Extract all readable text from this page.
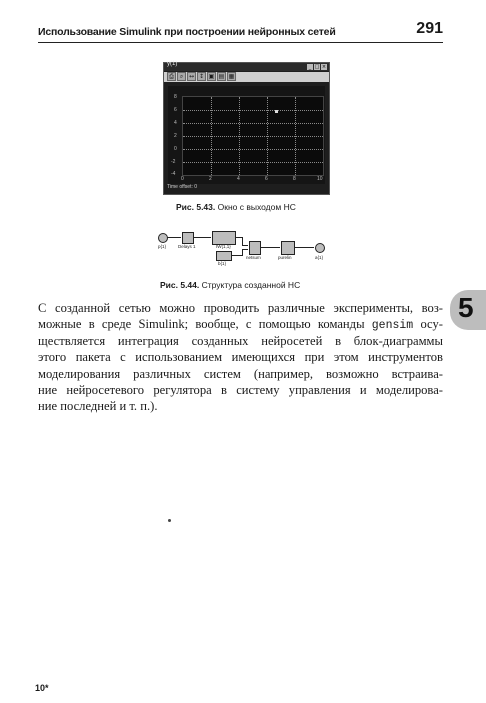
Использование Simulink при построении нейронных сетей	291
y(1)	_ □ ×
⎙ ⌕ ↔ ↕ ▣ ▤ ▦
8
6
4
2
0
-2
-4
0	2	4	6	8	10
Time offset: 0
Рис. 5.43. Окно с выходом НС
p{1}	Delays 1	IW{1,1}
b{1}
netsum	purelin	a{1}
Рис. 5.44. Структура созданной НС
С созданной сетью можно проводить различные эксперименты, воз-
можные в среде Simulink; вообще, с помощью команды gensim осу-
ществляется интеграция созданных нейросетей в блок-диаграммы
этого пакета с использованием имеющихся при этом инструментов
моделирования различных систем (например, возможно встраива-
ние нейросетевого регулятора в систему управления и моделирова-
ние последней и т. п.).
5
10*
